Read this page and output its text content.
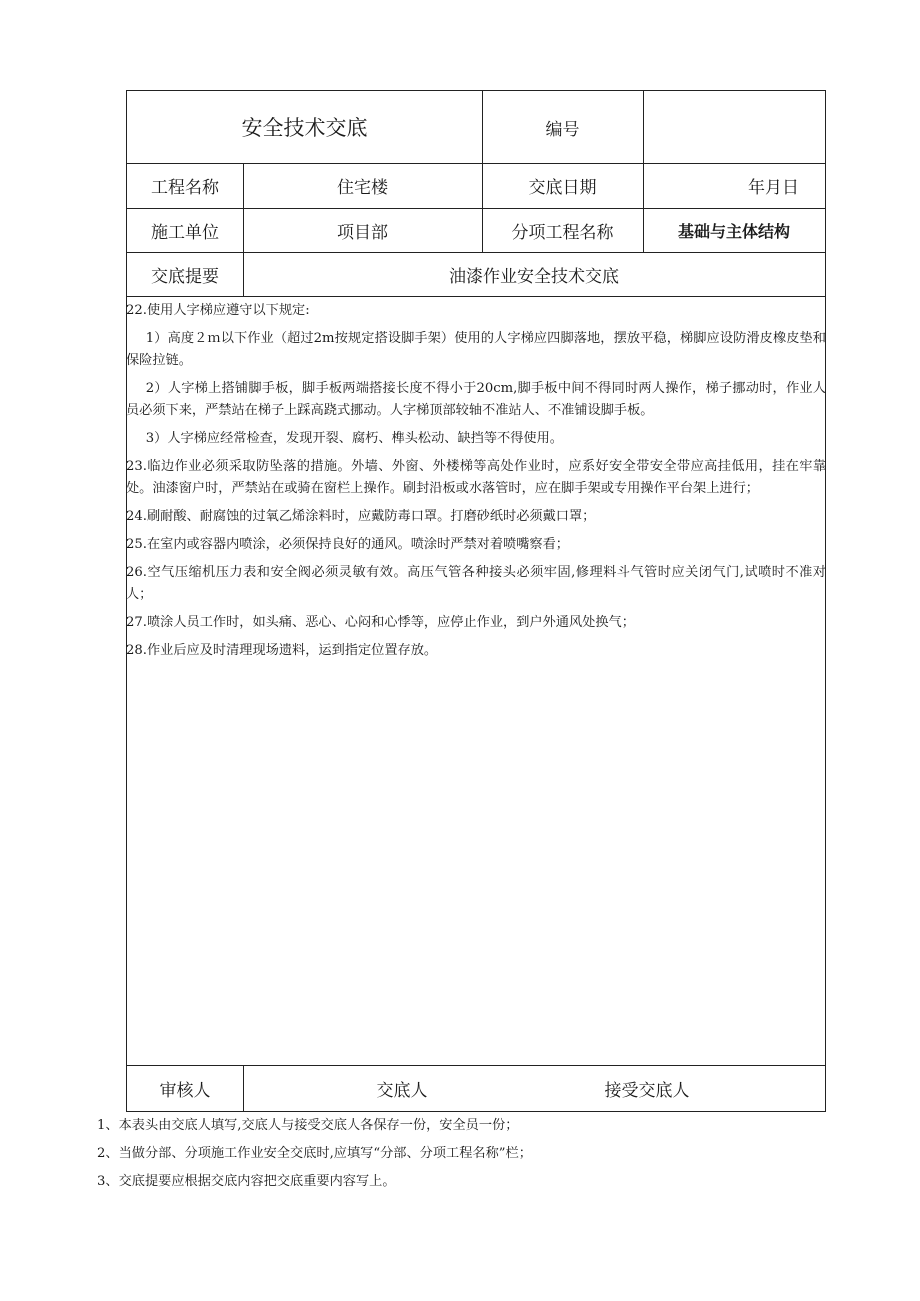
安全技术交底	编号
工程名称	住宅楼	交底日期	年月日
施工单位	项目部	分项工程名称	基础与主体结构
交底提要	油漆作业安全技术交底
审核人	交底人	接受交底人

22.使用人字梯应遵守以下规定:

1）高度２ｍ以下作业（超过2m按规定搭设脚手架）使用的人字梯应四脚落地，摆放平稳，梯脚应设防滑皮橡皮垫和保险拉链。

2）人字梯上搭铺脚手板，脚手板两端搭接长度不得小于20cm,脚手板中间不得同时两人操作，梯子挪动时，作业人员必须下来，严禁站在梯子上踩高跷式挪动。人字梯顶部较轴不准站人、不准铺设脚手板。

3）人字梯应经常检查，发现开裂、腐朽、榫头松动、缺挡等不得使用。

23.临边作业必须采取防坠落的措施。外墙、外窗、外楼梯等高处作业时，应系好安全带安全带应高挂低用，挂在牢靠处。油漆窗户时，严禁站在或骑在窗栏上操作。刷封沿板或水落管时，应在脚手架或专用操作平台架上进行；

24.刷耐酸、耐腐蚀的过氧乙烯涂料时，应戴防毒口罩。打磨砂纸时必须戴口罩；

25.在室内或容器内喷涂，必须保持良好的通风。喷涂时严禁对着喷嘴察看；

26.空气压缩机压力表和安全阀必须灵敏有效。高压气管各种接头必须牢固,修理料斗气管时应关闭气门,试喷时不准对人；

27.喷涂人员工作时，如头痛、恶心、心闷和心悸等，应停止作业，到户外通风处换气；

28.作业后应及时清理现场遗料，运到指定位置存放。

1、本表头由交底人填写,交底人与接受交底人各保存一份，安全员一份；
2、当做分部、分项施工作业安全交底时,应填写“分部、分项工程名称”栏；
3、交底提要应根据交底内容把交底重要内容写上。
